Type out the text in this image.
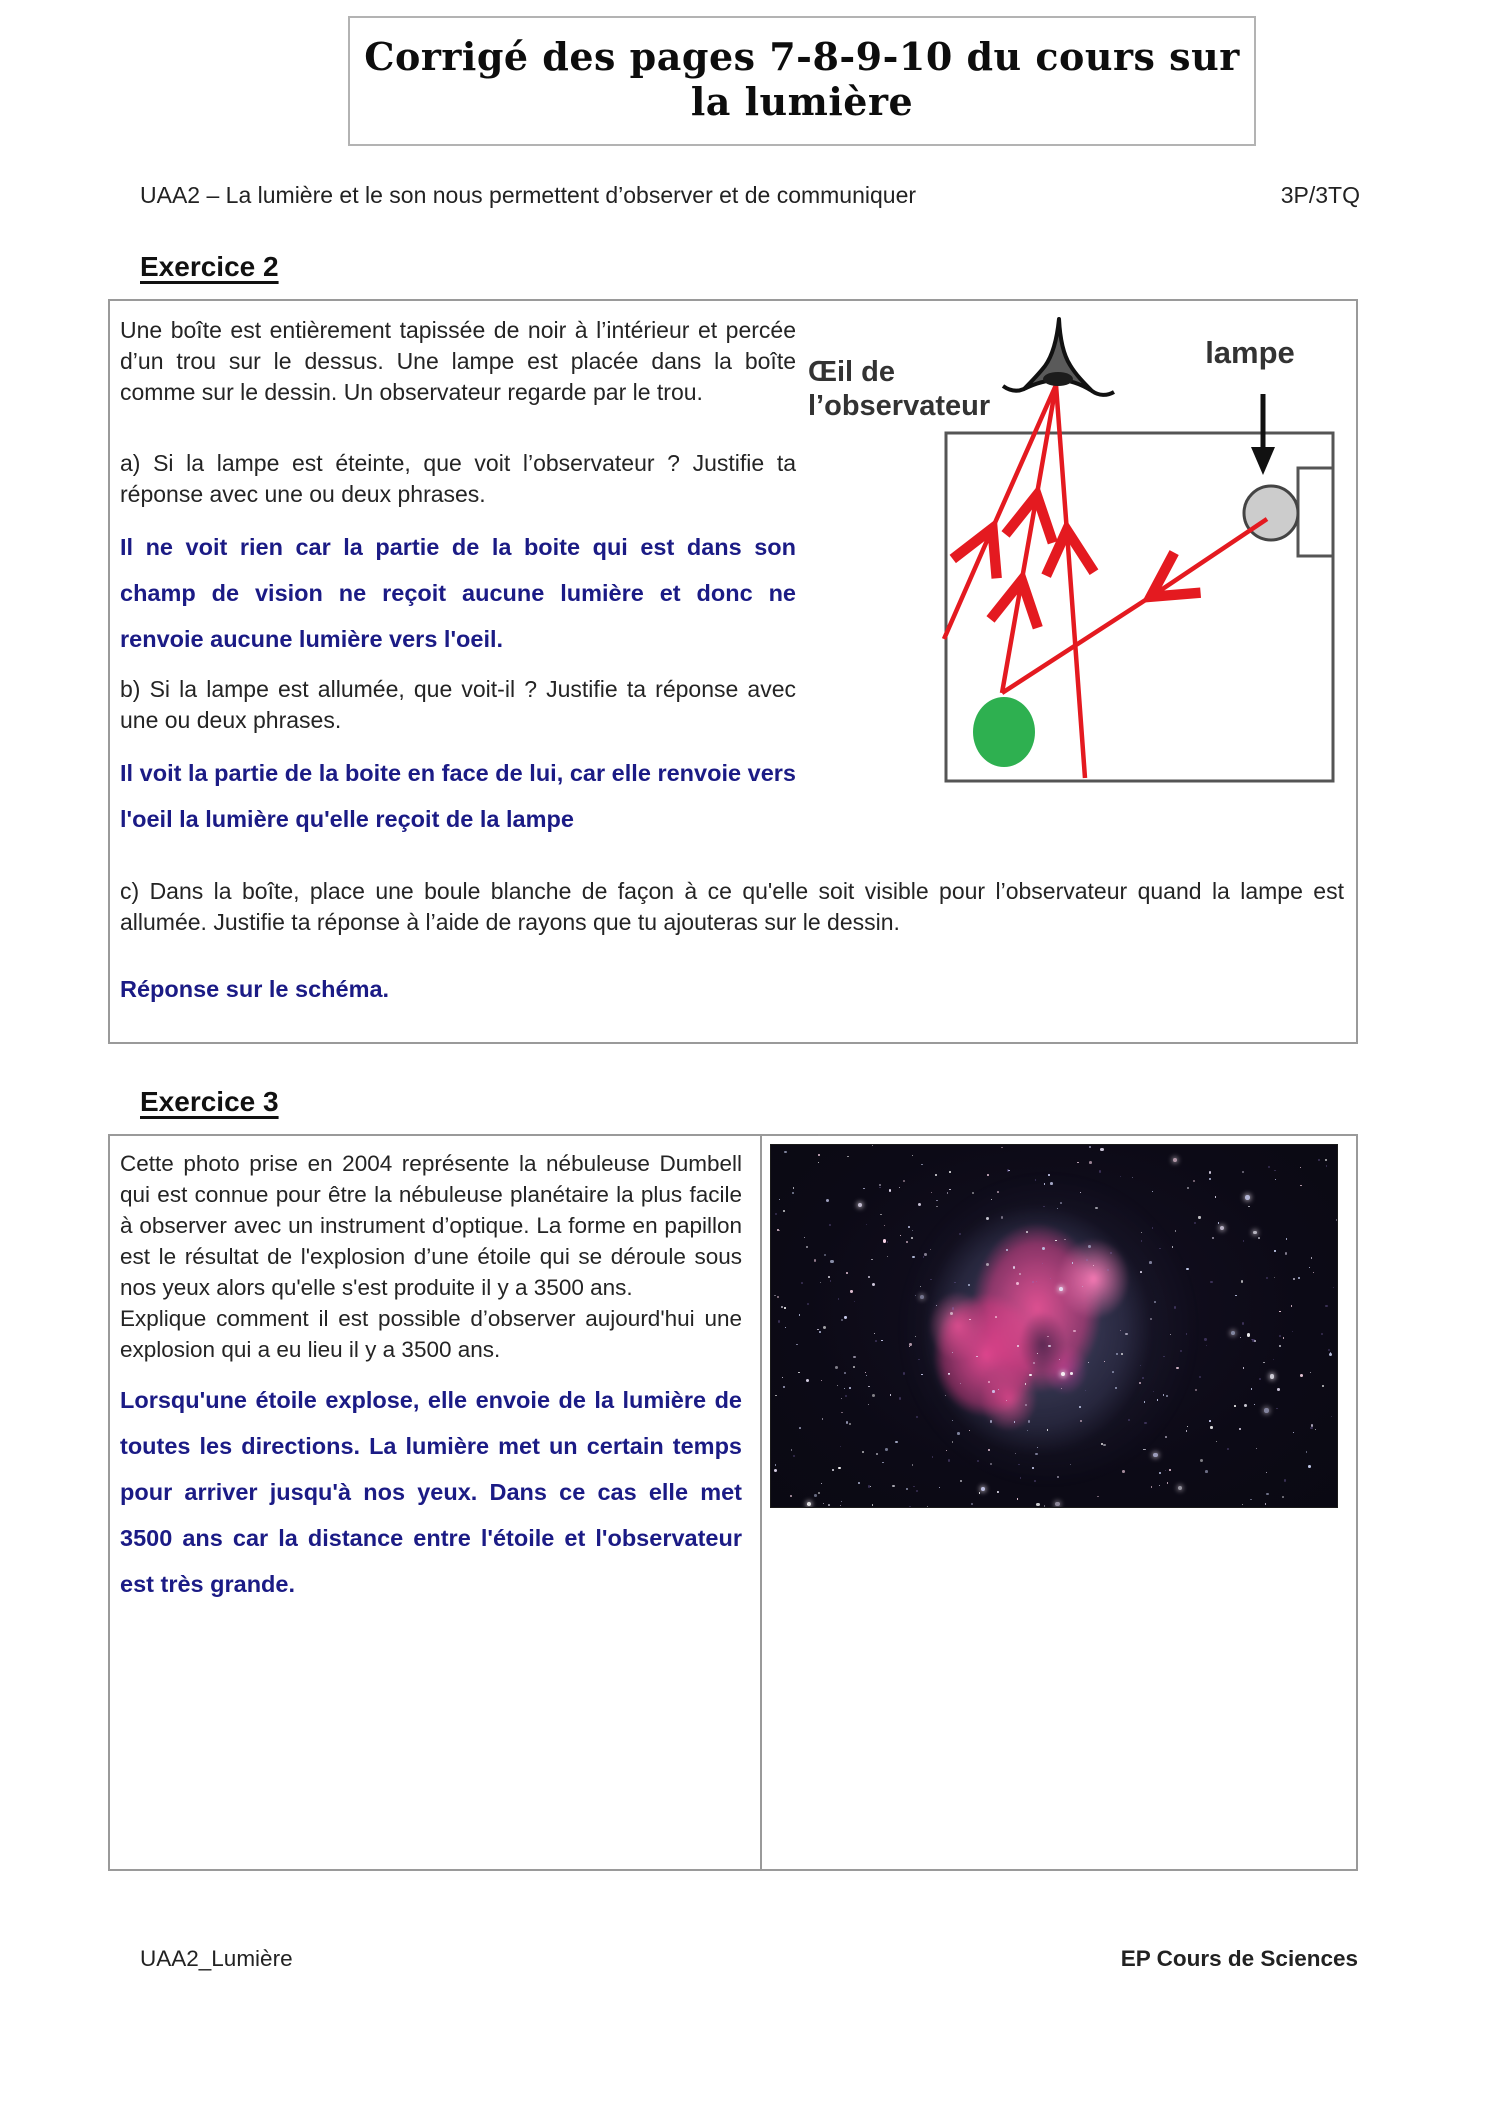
Corrigé des pages 7-8-9-10 du cours sur la lumière
UAA2 – La lumière et le son nous permettent d’observer et de communiquer	3P/3TQ
Exercice 2

Une boîte est entièrement tapissée de noir à l’intérieur et percée d’un trou sur le dessus. Une lampe est placée dans la boîte comme sur le dessin. Un observateur regarde par le trou.

a) Si la lampe est éteinte, que voit l’observateur ? Justifie ta réponse avec une ou deux phrases.

Il ne voit rien car la partie de la boite qui est dans son champ de vision ne reçoit aucune lumière et donc ne renvoie aucune lumière vers l'oeil.

b) Si la lampe est allumée, que voit-il ? Justifie ta réponse avec une ou deux phrases.

Il voit la partie de la boite en face de lui, car elle renvoie vers l'oeil la lumière qu'elle reçoit de la lampe

Œil de
l’observateur
lampe

c) Dans la boîte, place une boule blanche de façon à ce qu'elle soit visible pour l’observateur quand la lampe est allumée. Justifie ta réponse à l’aide de rayons que tu ajouteras sur le dessin.

Réponse sur le schéma.

Exercice 3

Cette photo prise en 2004 représente la nébuleuse Dumbell qui est connue pour être la nébuleuse planétaire la plus facile à observer avec un instrument d’optique. La forme en papillon est le résultat de l'explosion d’une étoile qui se déroule sous nos yeux alors qu'elle s'est produite il y a 3500 ans.

Explique comment il est possible d’observer aujourd'hui une explosion qui a eu lieu il y a 3500 ans.

Lorsqu'une étoile explose, elle envoie de la lumière de toutes les directions. La lumière met un certain temps pour arriver jusqu'à nos yeux. Dans ce cas elle met 3500 ans car la distance entre l'étoile et l'observateur est très grande.

UAA2_Lumière	EP Cours de Sciences
